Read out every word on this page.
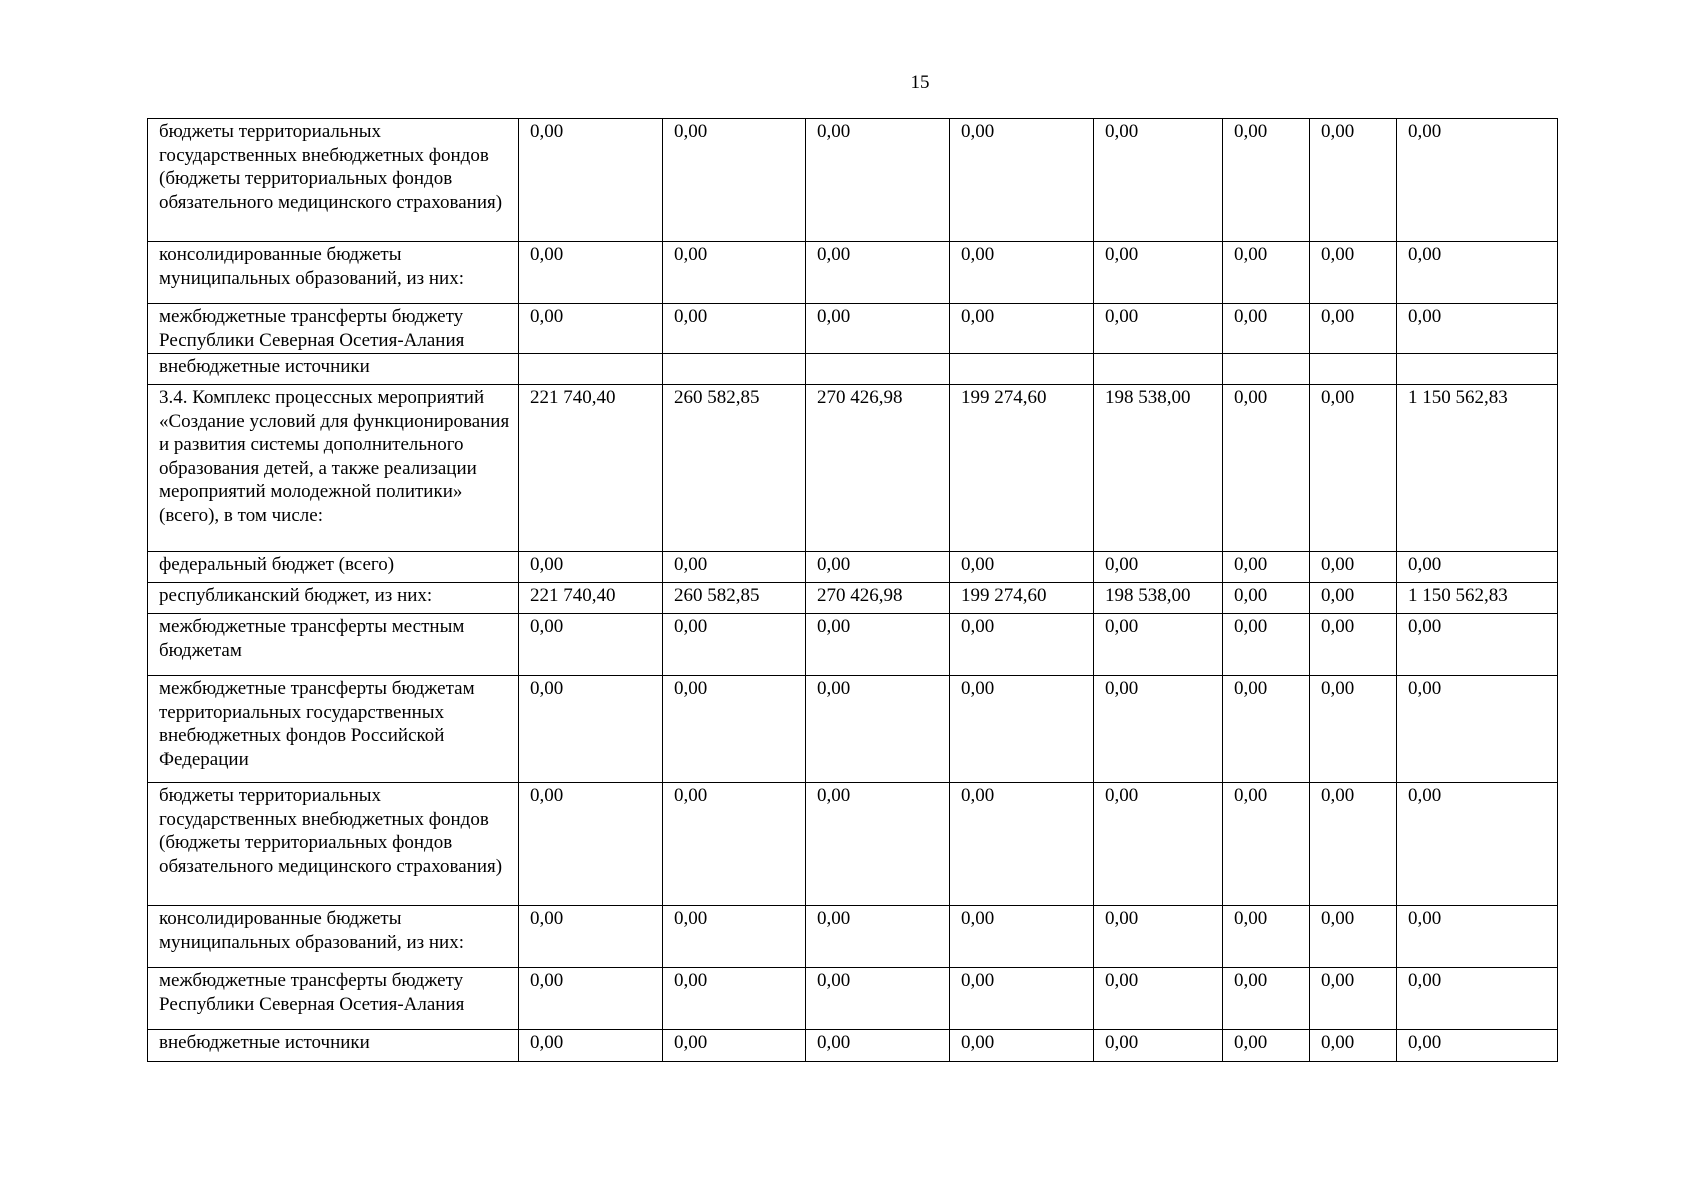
15
бюджеты территориальных государственных внебюджетных фондов (бюджеты территориальных фондов обязательного медицинского страхования)	0,00	0,00	0,00	0,00	0,00	0,00	0,00	0,00
консолидированные бюджеты муниципальных образований, из них:	0,00	0,00	0,00	0,00	0,00	0,00	0,00	0,00
межбюджетные трансферты бюджету Республики Северная Осетия-Алания	0,00	0,00	0,00	0,00	0,00	0,00	0,00	0,00
внебюджетные источники								
3.4. Комплекс процессных мероприятий «Создание условий для функционирования и развития системы дополнительного образования детей, а также реализации мероприятий молодежной политики» (всего), в том числе:	221 740,40	260 582,85	270 426,98	199 274,60	198 538,00	0,00	0,00	1 150 562,83
федеральный бюджет (всего)	0,00	0,00	0,00	0,00	0,00	0,00	0,00	0,00
республиканский бюджет, из них:	221 740,40	260 582,85	270 426,98	199 274,60	198 538,00	0,00	0,00	1 150 562,83
межбюджетные трансферты местным бюджетам	0,00	0,00	0,00	0,00	0,00	0,00	0,00	0,00
межбюджетные трансферты бюджетам территориальных государственных внебюджетных фондов Российской Федерации	0,00	0,00	0,00	0,00	0,00	0,00	0,00	0,00
бюджеты территориальных государственных внебюджетных фондов (бюджеты территориальных фондов обязательного медицинского страхования)	0,00	0,00	0,00	0,00	0,00	0,00	0,00	0,00
консолидированные бюджеты муниципальных образований, из них:	0,00	0,00	0,00	0,00	0,00	0,00	0,00	0,00
межбюджетные трансферты бюджету Республики Северная Осетия-Алания	0,00	0,00	0,00	0,00	0,00	0,00	0,00	0,00
внебюджетные источники	0,00	0,00	0,00	0,00	0,00	0,00	0,00	0,00
